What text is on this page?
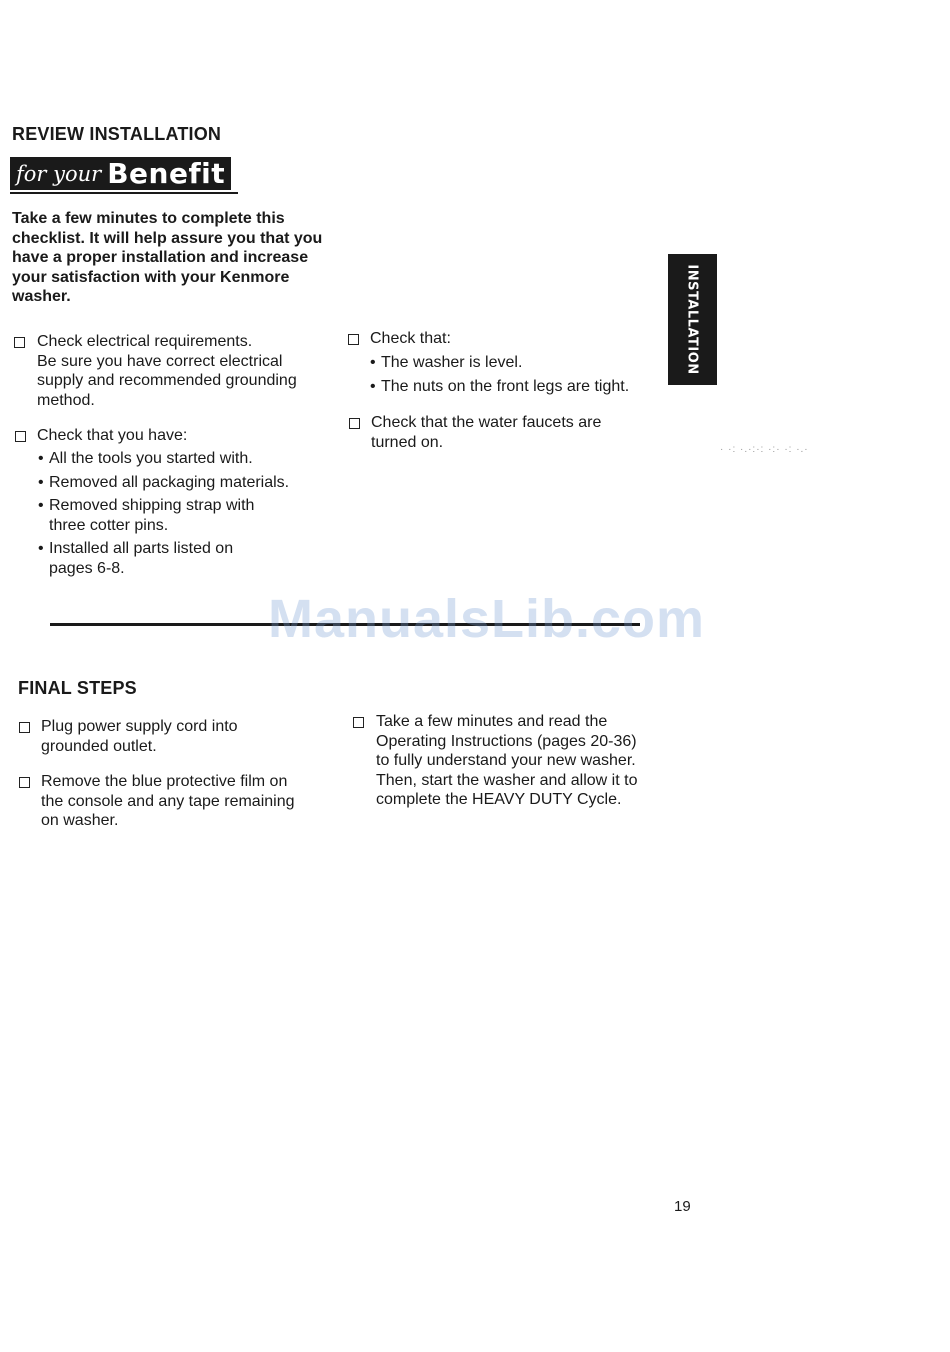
REVIEW INSTALLATION
for your Benefit
Take a few minutes to complete this checklist. It will help assure you that you have a proper installation and increase your satisfaction with your Kenmore washer.
Check electrical requirements.
Be sure you have correct electrical
supply and recommended grounding
method.
Check that you have:
• All the tools you started with.
• Removed all packaging materials.
• Removed shipping strap with
three cotter pins.
• Installed all parts listed on
pages 6-8.
Check that:
• The washer is level.
• The nuts on the front legs are tight.
Check that the water faucets are
turned on.
INSTALLATION
· ·: ·.·:·: ·:· ·: ·.·
ManualsLib.com
FINAL STEPS
Plug power supply cord into
grounded outlet.
Remove the blue protective film on
the console and any tape remaining
on washer.
Take a few minutes and read the
Operating Instructions (pages 20-36)
to fully understand your new washer.
Then, start the washer and allow it to
complete the HEAVY DUTY Cycle.
19
